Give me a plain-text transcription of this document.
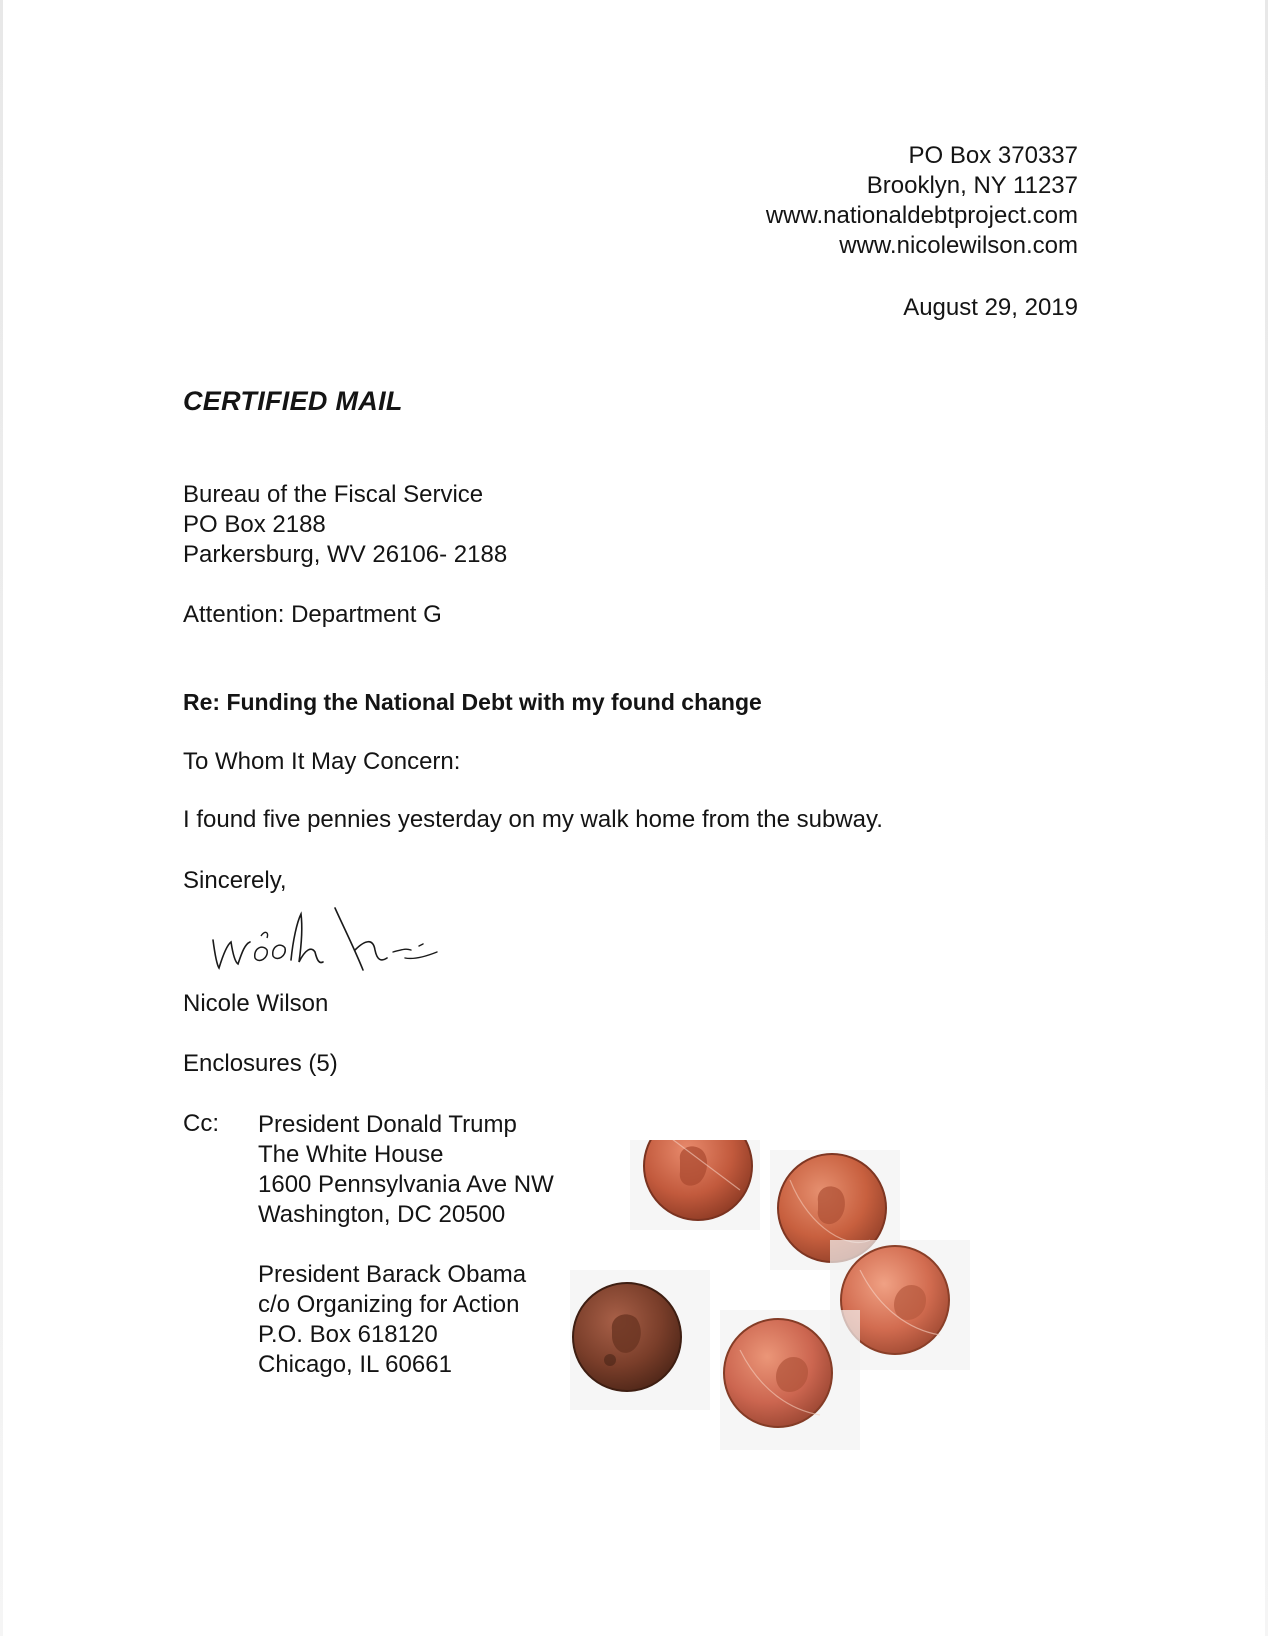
PO Box 370337
Brooklyn, NY 11237
www.nationaldebtproject.com
www.nicolewilson.com
August 29, 2019
CERTIFIED MAIL
Bureau of the Fiscal Service
PO Box 2188
Parkersburg, WV 26106- 2188
Attention: Department G
Re: Funding the National Debt with my found change
To Whom It May Concern:
I found five pennies yesterday on my walk home from the subway.
Sincerely,
Nicole Wilson
Enclosures (5)
Cc: President Donald Trump
The White House
1600 Pennsylvania Ave NW
Washington, DC 20500
President Barack Obama
c/o Organizing for Action
P.O. Box 618120
Chicago, IL 60661
